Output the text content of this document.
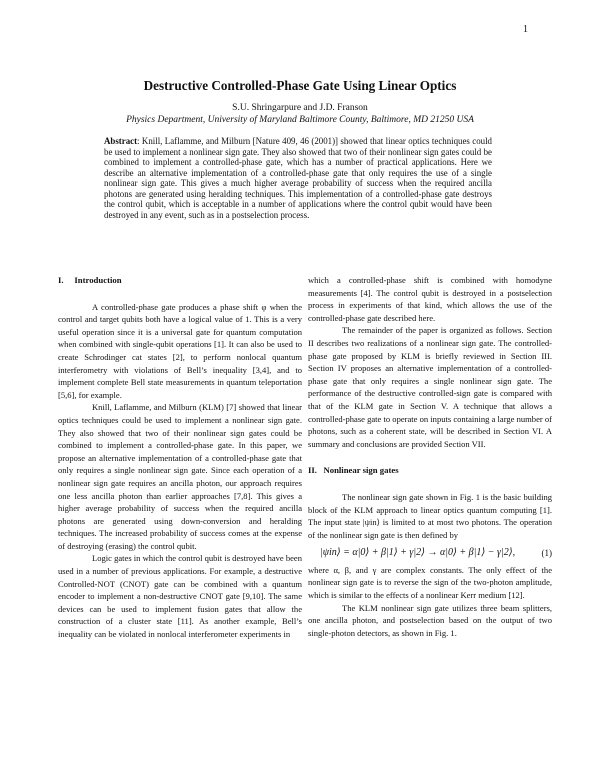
1
Destructive Controlled-Phase Gate Using Linear Optics
S.U. Shringarpure and J.D. Franson
Physics Department, University of Maryland Baltimore County, Baltimore, MD 21250 USA
Abstract: Knill, Laflamme, and Milburn [Nature 409, 46 (2001)] showed that linear optics techniques could be used to implement a nonlinear sign gate. They also showed that two of their nonlinear sign gates could be combined to implement a controlled-phase gate, which has a number of practical applications. Here we describe an alternative implementation of a controlled-phase gate that only requires the use of a single nonlinear sign gate. This gives a much higher average probability of success when the required ancilla photons are generated using heralding techniques. This implementation of a controlled-phase gate destroys the control qubit, which is acceptable in a number of applications where the control qubit would have been destroyed in any event, such as in a postselection process.
I.     Introduction

A controlled-phase gate produces a phase shift φ when the control and target qubits both have a logical value of 1. This is a very useful operation since it is a universal gate for quantum computation when combined with single-qubit operations [1]. It can also be used to create Schrodinger cat states [2], to perform nonlocal quantum interferometry with violations of Bell’s inequality [3,4], and to implement complete Bell state measurements in quantum teleportation [5,6], for example.

Knill, Laflamme, and Milburn (KLM) [7] showed that linear optics techniques could be used to implement a nonlinear sign gate. They also showed that two of their nonlinear sign gates could be combined to implement a controlled-phase gate. In this paper, we propose an alternative implementation of a controlled-phase gate that only requires a single nonlinear sign gate. Since each operation of a nonlinear sign gate requires an ancilla photon, our approach requires one less ancilla photon than earlier approaches [7,8]. This gives a higher average probability of success when the required ancilla photons are generated using down-conversion and heralding techniques. The increased probability of success comes at the expense of destroying (erasing) the control qubit.

Logic gates in which the control qubit is destroyed have been used in a number of previous applications. For example, a destructive Controlled-NOT (CNOT) gate can be combined with a quantum encoder to implement a non-destructive CNOT gate [9,10]. The same devices can be used to implement fusion gates that allow the construction of a cluster state [11]. As another example, Bell’s inequality can be violated in nonlocal interferometer experiments in

which a controlled-phase shift is combined with homodyne measurements [4]. The control qubit is destroyed in a postselection process in experiments of that kind, which allows the use of the controlled-phase gate described here.

The remainder of the paper is organized as follows. Section II describes two realizations of a nonlinear sign gate. The controlled-phase gate proposed by KLM is briefly reviewed in Section III. Section IV proposes an alternative implementation of a controlled-phase gate that only requires a single nonlinear sign gate. The performance of the destructive controlled-sign gate is compared with that of the KLM gate in Section V. A technique that allows a controlled-phase gate to operate on inputs containing a large number of photons, such as a coherent state, will be described in Section VI. A summary and conclusions are provided Section VII.

II.   Nonlinear sign gates

The nonlinear sign gate shown in Fig. 1 is the basic building block of the KLM approach to linear optics quantum computing [1]. The input state |ψin⟩ is limited to at most two photons. The operation of the nonlinear sign gate is then defined by

|ψin⟩ = α|0⟩ + β|1⟩ + γ|2⟩ → α|0⟩ + β|1⟩ − γ|2⟩,	(1)

where α, β, and γ are complex constants. The only effect of the nonlinear sign gate is to reverse the sign of the two-photon amplitude, which is similar to the effects of a nonlinear Kerr medium [12].

The KLM nonlinear sign gate utilizes three beam splitters, one ancilla photon, and postselection based on the output of two single-photon detectors, as shown in Fig. 1.
